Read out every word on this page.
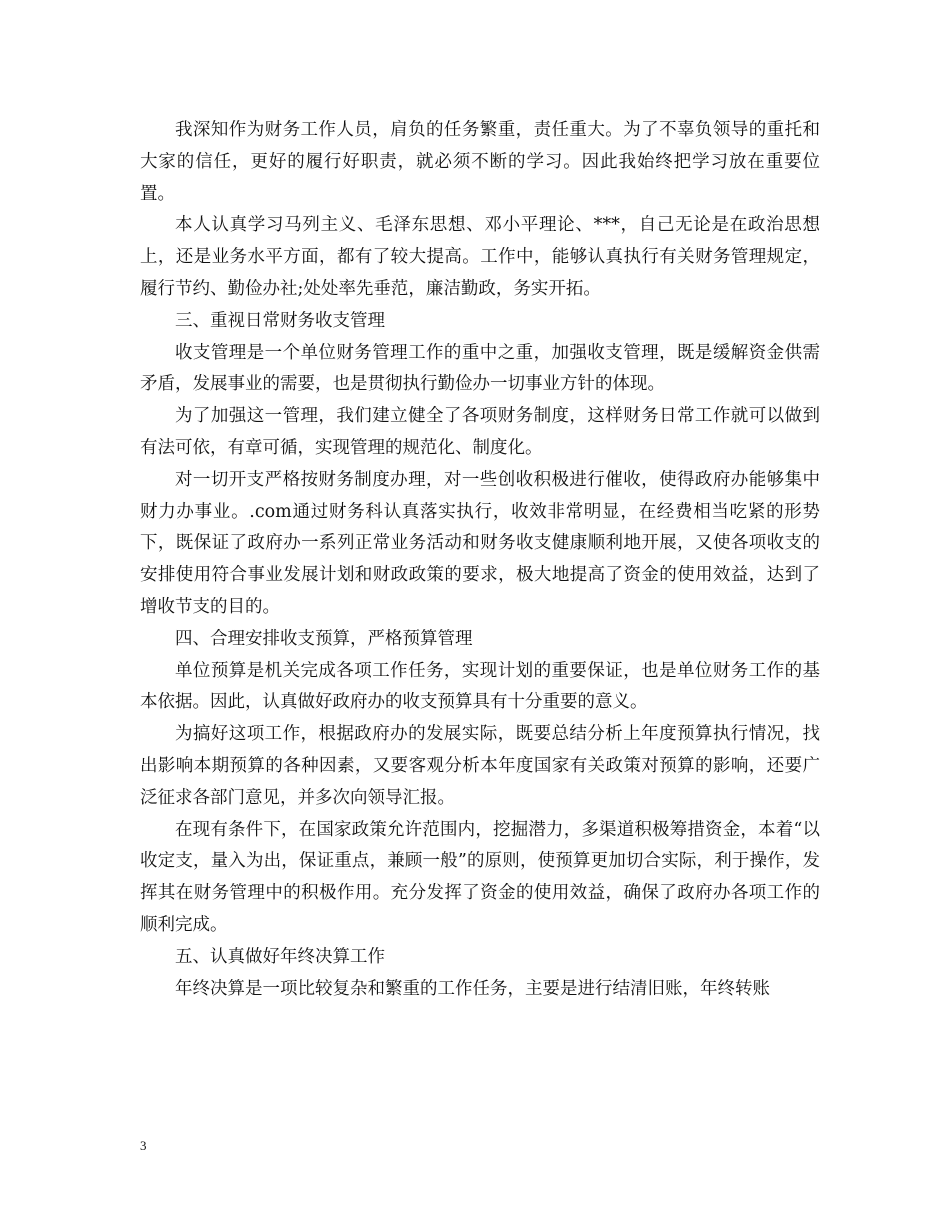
我深知作为财务工作人员，肩负的任务繁重，责任重大。为了不辜负领导的重托和大家的信任，更好的履行好职责，就必须不断的学习。因此我始终把学习放在重要位置。

本人认真学习马列主义、毛泽东思想、邓小平理论、***，自己无论是在政治思想上，还是业务水平方面，都有了较大提高。工作中，能够认真执行有关财务管理规定，履行节约、勤俭办社;处处率先垂范，廉洁勤政，务实开拓。

三、重视日常财务收支管理

收支管理是一个单位财务管理工作的重中之重，加强收支管理，既是缓解资金供需矛盾，发展事业的需要，也是贯彻执行勤俭办一切事业方针的体现。

为了加强这一管理，我们建立健全了各项财务制度，这样财务日常工作就可以做到有法可依，有章可循，实现管理的规范化、制度化。

对一切开支严格按财务制度办理，对一些创收积极进行催收，使得政府办能够集中财力办事业。.com通过财务科认真落实执行，收效非常明显，在经费相当吃紧的形势下，既保证了政府办一系列正常业务活动和财务收支健康顺利地开展，又使各项收支的安排使用符合事业发展计划和财政政策的要求，极大地提高了资金的使用效益，达到了增收节支的目的。

四、合理安排收支预算，严格预算管理

单位预算是机关完成各项工作任务，实现计划的重要保证，也是单位财务工作的基本依据。因此，认真做好政府办的收支预算具有十分重要的意义。

为搞好这项工作，根据政府办的发展实际，既要总结分析上年度预算执行情况，找出影响本期预算的各种因素，又要客观分析本年度国家有关政策对预算的影响，还要广泛征求各部门意见，并多次向领导汇报。

在现有条件下，在国家政策允许范围内，挖掘潜力，多渠道积极筹措资金，本着“以收定支，量入为出，保证重点，兼顾一般”的原则，使预算更加切合实际，利于操作，发挥其在财务管理中的积极作用。充分发挥了资金的使用效益，确保了政府办各项工作的顺利完成。

五、认真做好年终决算工作

年终决算是一项比较复杂和繁重的工作任务，主要是进行结清旧账，年终转账

3
